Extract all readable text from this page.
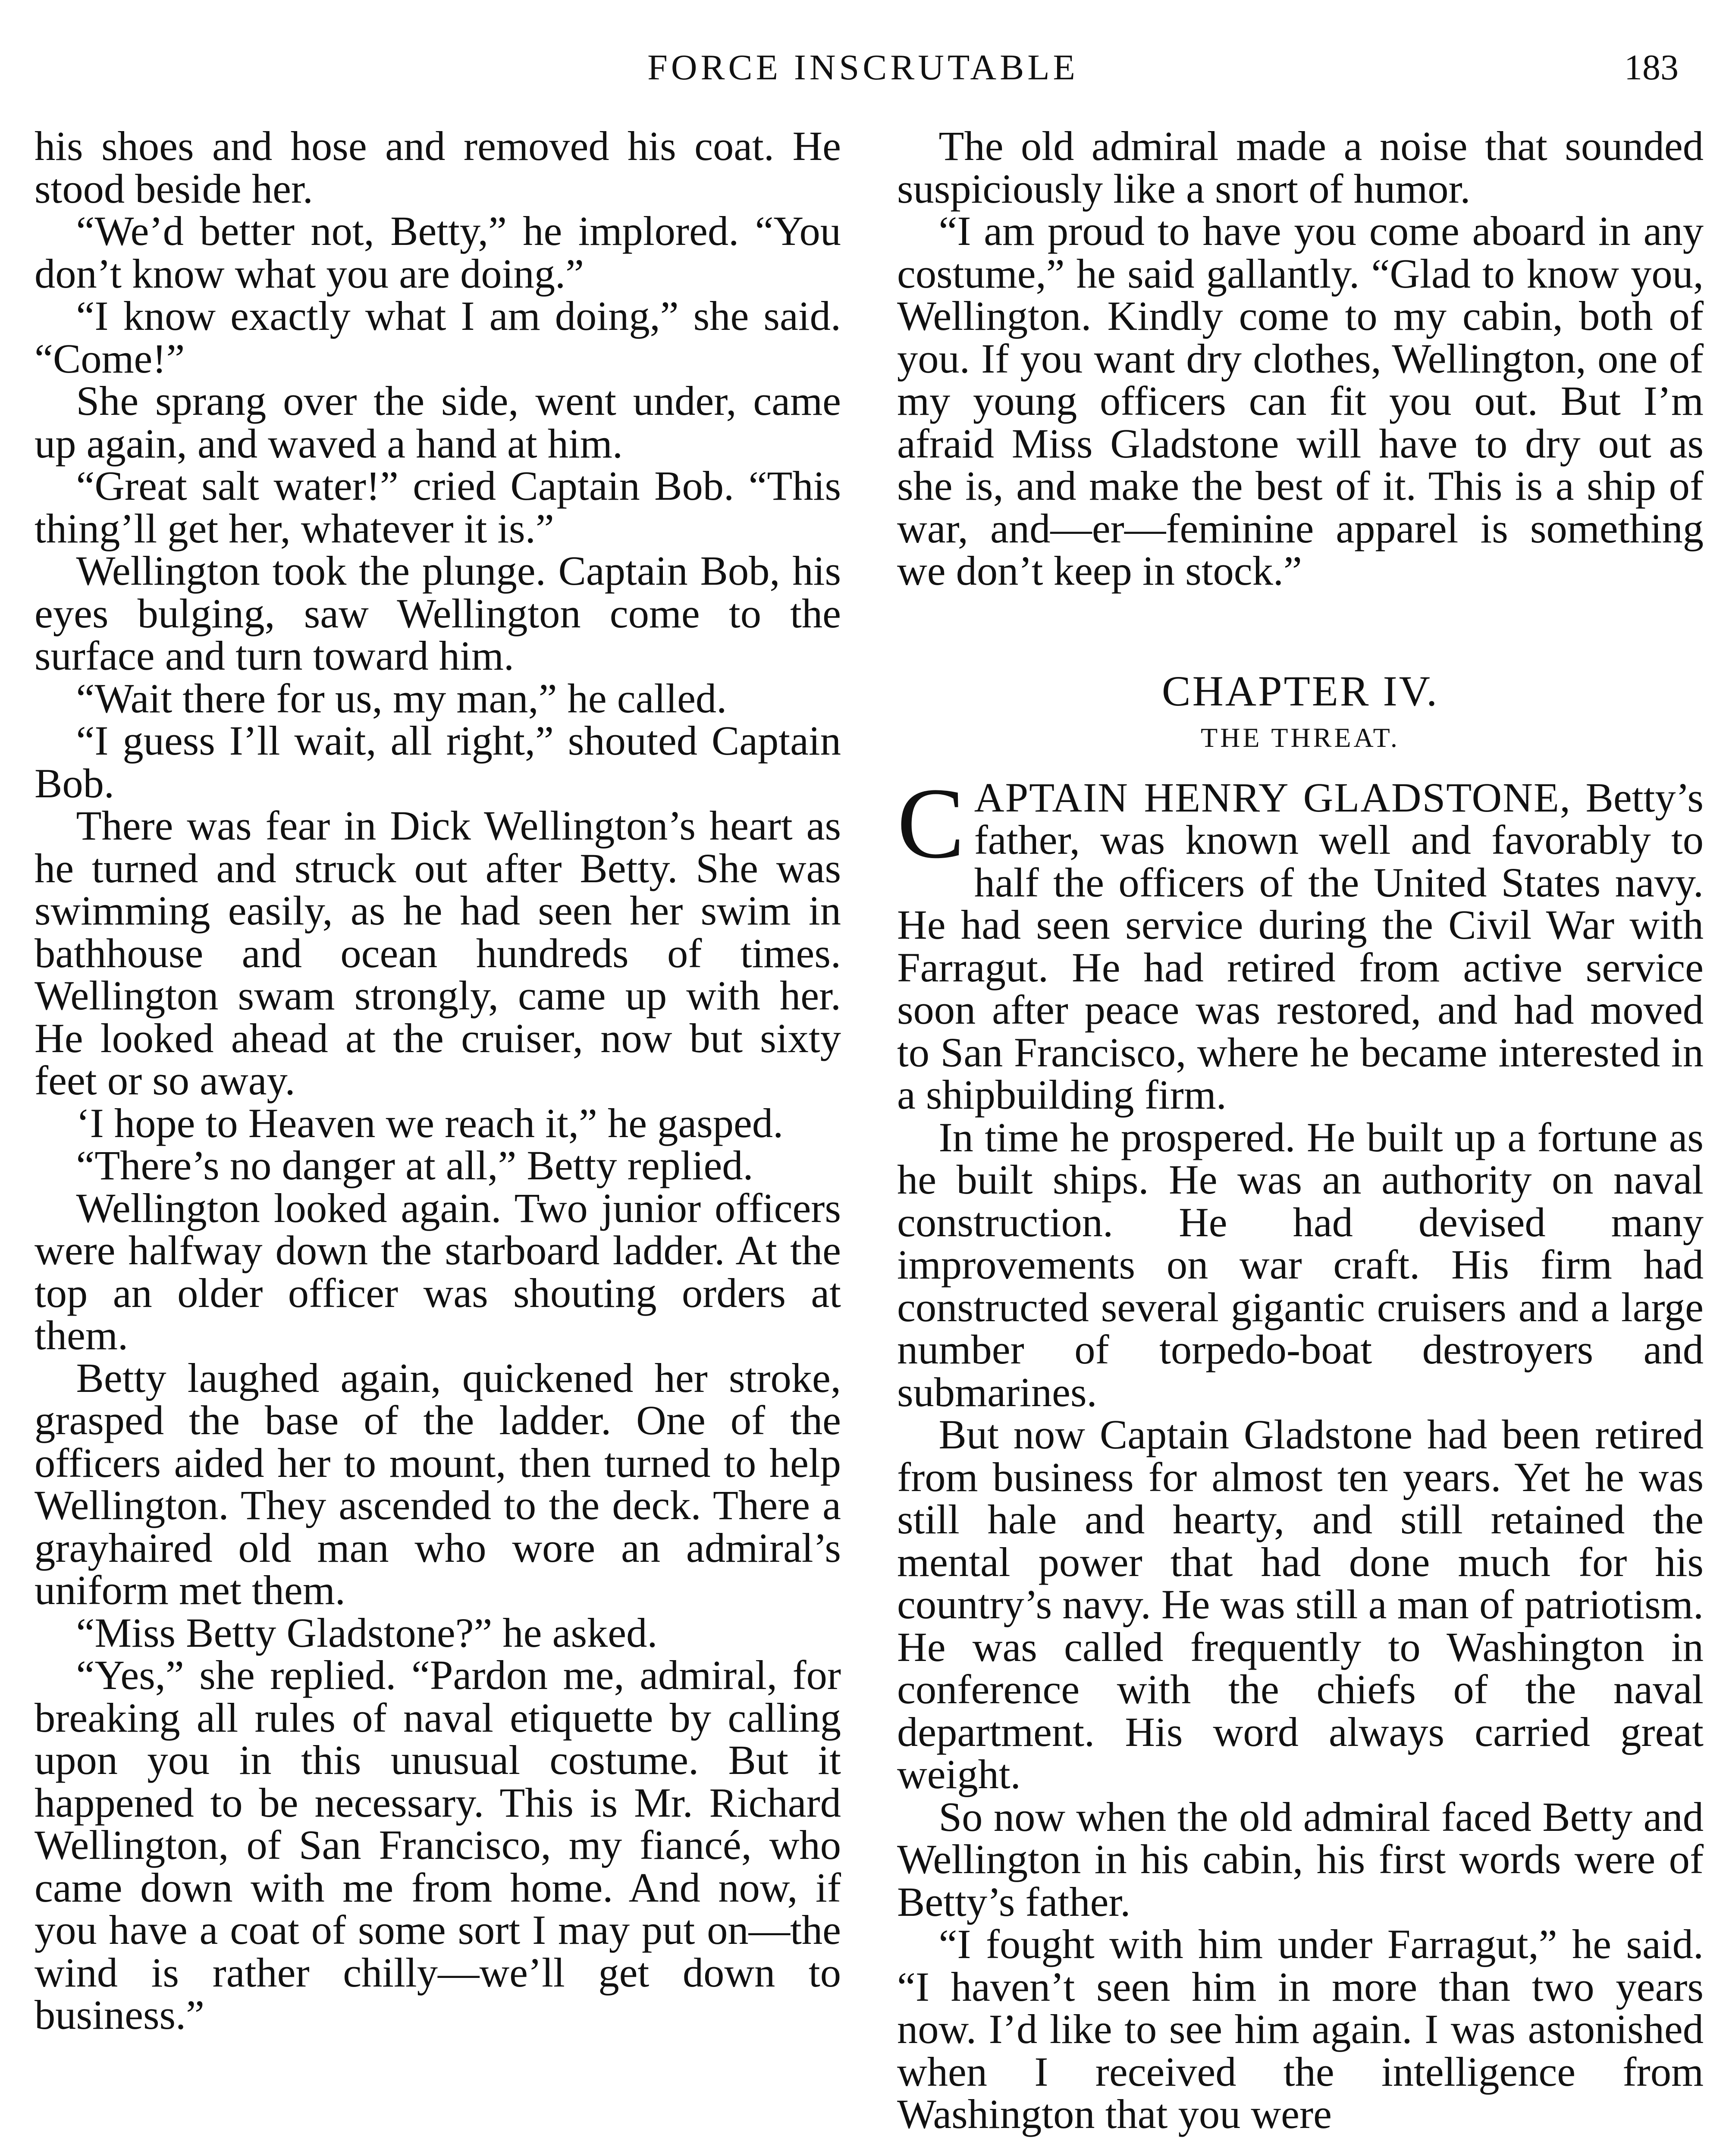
FORCE INSCRUTABLE	183

his shoes and hose and removed his coat. He stood beside her.

“We’d better not, Betty,” he implored. “You don’t know what you are doing.”

“I know exactly what I am doing,” she said. “Come!”

She sprang over the side, went under, came up again, and waved a hand at him.

“Great salt water!” cried Captain Bob. “This thing’ll get her, whatever it is.”

Wellington took the plunge. Captain Bob, his eyes bulging, saw Wellington come to the surface and turn toward him.

“Wait there for us, my man,” he called.

“I guess I’ll wait, all right,” shouted Captain Bob.

There was fear in Dick Wellington’s heart as he turned and struck out after Betty. She was swimming easily, as he had seen her swim in bathhouse and ocean hundreds of times. Wellington swam strongly, came up with her. He looked ahead at the cruiser, now but sixty feet or so away.

‘I hope to Heaven we reach it,” he gasped.

“There’s no danger at all,” Betty replied.

Wellington looked again. Two junior officers were halfway down the starboard ladder. At the top an older officer was shouting orders at them.

Betty laughed again, quickened her stroke, grasped the base of the ladder. One of the officers aided her to mount, then turned to help Wellington. They ascended to the deck. There a grayhaired old man who wore an admiral’s uniform met them.

“Miss Betty Gladstone?” he asked.

“Yes,” she replied. “Pardon me, admiral, for breaking all rules of naval etiquette by calling upon you in this unusual costume. But it happened to be necessary. This is Mr. Richard Wellington, of San Francisco, my fiancé, who came down with me from home. And now, if you have a coat of some sort I may put on—the wind is rather chilly—we’ll get down to business.”

The old admiral made a noise that sounded suspiciously like a snort of humor.

“I am proud to have you come aboard in any costume,” he said gallantly. “Glad to know you, Wellington. Kindly come to my cabin, both of you. If you want dry clothes, Wellington, one of my young officers can fit you out. But I’m afraid Miss Gladstone will have to dry out as she is, and make the best of it. This is a ship of war, and—er—feminine apparel is something we don’t keep in stock.”

CHAPTER IV.
THE THREAT.

CAPTAIN HENRY GLADSTONE, Betty’s father, was known well and favorably to half the officers of the United States navy. He had seen service during the Civil War with Farragut. He had retired from active service soon after peace was restored, and had moved to San Francisco, where he became interested in a shipbuilding firm.

In time he prospered. He built up a fortune as he built ships. He was an authority on naval construction. He had devised many improvements on war craft. His firm had constructed several gigantic cruisers and a large number of torpedo-boat destroyers and submarines.

But now Captain Gladstone had been retired from business for almost ten years. Yet he was still hale and hearty, and still retained the mental power that had done much for his country’s navy. He was still a man of patriotism. He was called frequently to Washington in conference with the chiefs of the naval department. His word always carried great weight.

So now when the old admiral faced Betty and Wellington in his cabin, his first words were of Betty’s father.

“I fought with him under Farragut,” he said. “I haven’t seen him in more than two years now. I’d like to see him again. I was astonished when I received the intelligence from Washington that you were
